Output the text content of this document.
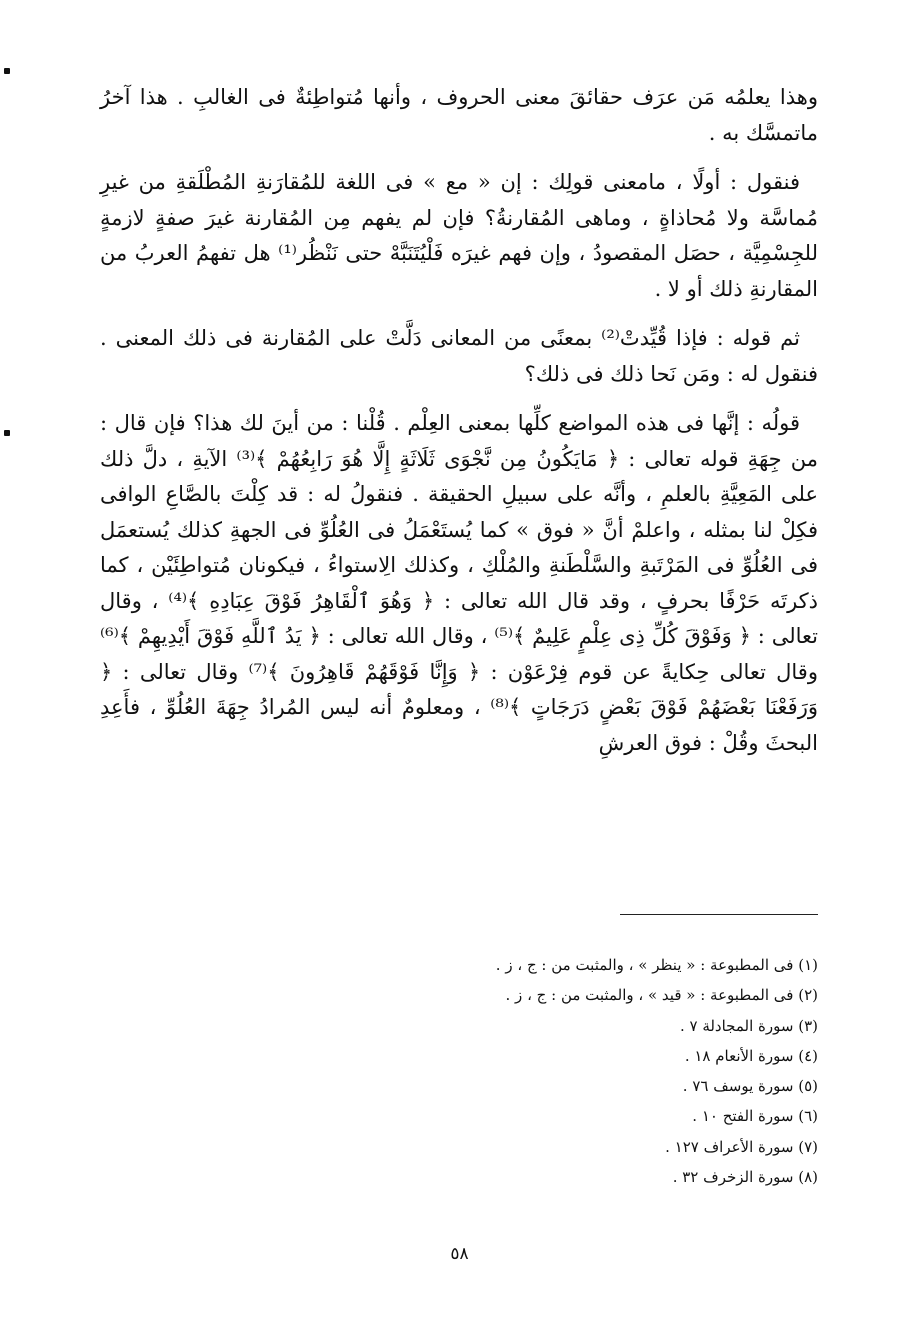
وهذا يعلمُه مَن عرَف حقائقَ معنى الحروف ، وأنها مُتواطِئةٌ فى الغالبِ . هذا آخرُ ماتمسَّك به .

فنقول : أولًا ، مامعنى قولِك : إن « مع » فى اللغة للمُقارَنةِ المُطْلَقةِ من غيرِ مُماسَّة ولا مُحاذاةٍ ، وماهى المُقارنةُ؟ فإن لم يفهم مِن المُقارنة غيرَ صفةٍ لازمةٍ للجِسْمِيَّة ، حصَل المقصودُ ، وإن فهم غيرَه فَلْيُتَنَبَّهْ حتى نَنْظُر⁽¹⁾ هل تفهمُ العربُ من المقارنةِ ذلك أو لا .

ثم قوله : فإذا قُيِّدتْ⁽²⁾ بمعنًى من المعانى دَلَّتْ على المُقارنة فى ذلك المعنى . فنقول له : ومَن نَحا ذلك فى ذلك؟

قولُه : إنَّها فى هذه المواضع كلِّها بمعنى العِلْم . قُلْنا : من أينَ لك هذا؟ فإن قال : من جِهَةِ قوله تعالى : ﴿ مَايَكُونُ مِن نَّجْوَى ثَلَاثَةٍ إِلَّا هُوَ رَابِعُهُمْ ﴾⁽³⁾ الآيةِ ، دلَّ ذلك على المَعِيَّةِ بالعلمِ ، وأنَّه على سبيلِ الحقيقة . فنقولُ له : قد كِلْتَ بالصَّاعِ الوافى فكِلْ لنا بمثله ، واعلمْ أنَّ « فوق » كما يُستَعْمَلُ فى العُلُوِّ فى الجهةِ كذلك يُستعمَل فى العُلُوِّ فى المَرْتَبةِ والسَّلْطَنةِ والمُلْكِ ، وكذلك الِاستواءُ ، فيكونان مُتواطِئَيْن ، كما ذكرتَه حَرْفًا بحرفٍ ، وقد قال الله تعالى : ﴿ وَهُوَ ٱلْقَاهِرُ فَوْقَ عِبَادِهِ ﴾⁽⁴⁾ ، وقال تعالى : ﴿ وَفَوْقَ كُلِّ ذِى عِلْمٍ عَلِيمٌ ﴾⁽⁵⁾ ، وقال الله تعالى : ﴿ يَدُ ٱللَّهِ فَوْقَ أَيْدِيهِمْ ﴾⁽⁶⁾ وقال تعالى حِكايةً عن قوم فِرْعَوْن : ﴿ وَإِنَّا فَوْقَهُمْ قَاهِرُونَ ﴾⁽⁷⁾ وقال تعالى : ﴿ وَرَفَعْنَا بَعْضَهُمْ فَوْقَ بَعْضٍ دَرَجَاتٍ ﴾⁽⁸⁾ ، ومعلومٌ أنه ليس المُرادُ جِهَةَ العُلُوِّ ، فأَعِدِ البحثَ وقُلْ : فوق العرشِ

(١) فى المطبوعة : « ينظر » ، والمثبت من : ج ، ز .
(٢) فى المطبوعة : « قيد » ، والمثبت من : ج ، ز .
(٣) سورة المجادلة ٧ .
(٤) سورة الأنعام ١٨ .
(٥) سورة يوسف ٧٦ .
(٦) سورة الفتح ١٠ .
(٧) سورة الأعراف ١٢٧ .
(٨) سورة الزخرف ٣٢ .
٥٨
